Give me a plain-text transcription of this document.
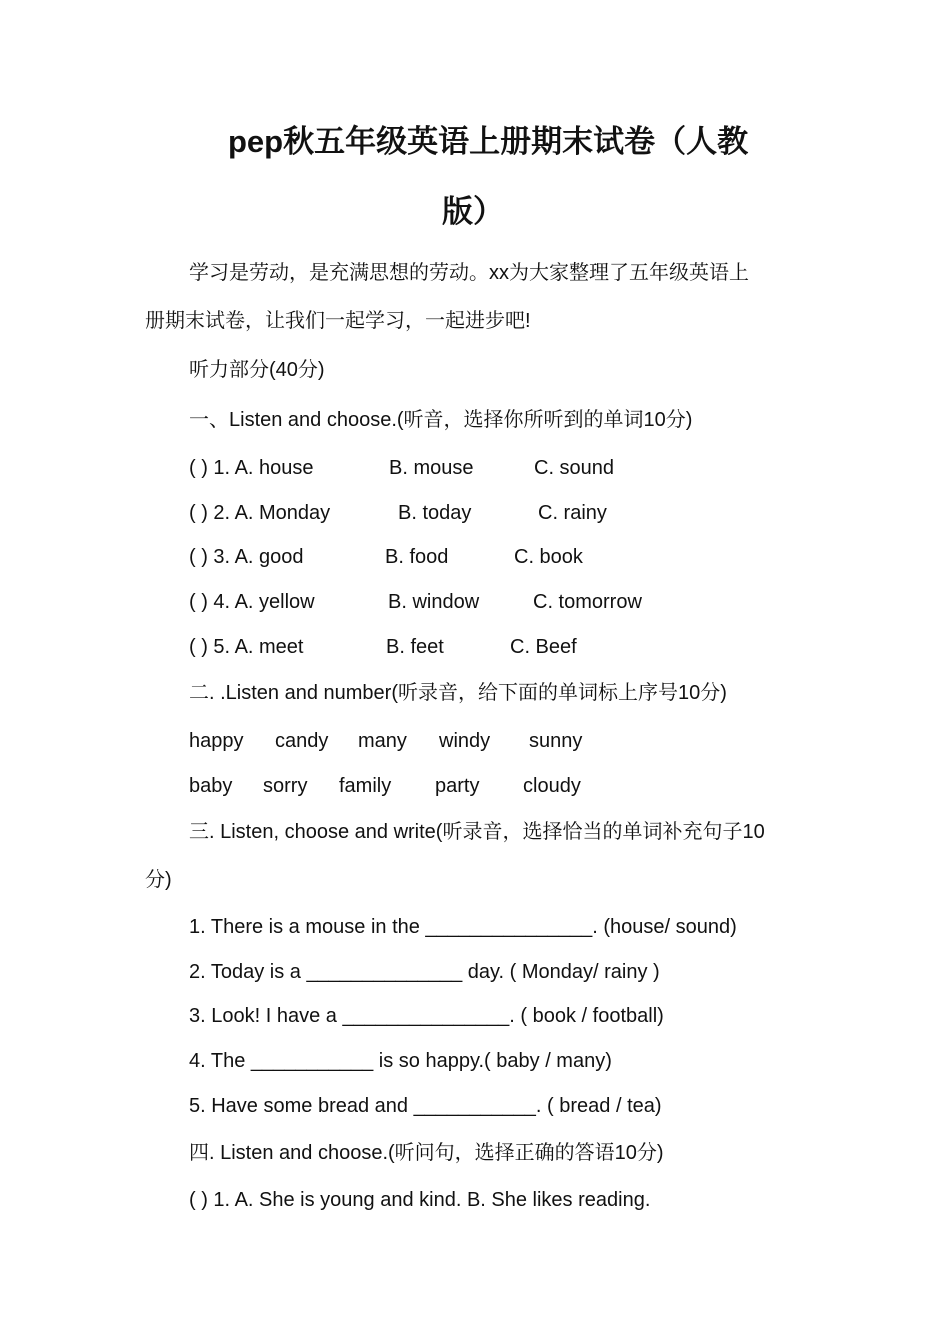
pep秋五年级英语上册期末试卷（人教
版）
学习是劳动，是充满思想的劳动。xx为大家整理了五年级英语上
册期末试卷，让我们一起学习，一起进步吧!
听力部分(40分)
一、Listen and choose.(听音，选择你所听到的单词10分)
( ) 1. A. house	B. mouse	C. sound
( ) 2. A. Monday	B. today	C. rainy
( ) 3. A. good	B. food	C. book
( ) 4. A. yellow	B. window	C. tomorrow
( ) 5. A. meet	B. feet	C. Beef
二. .Listen and number(听录音，给下面的单词标上序号10分)
happy candy many windy sunny
baby sorry family party cloudy
三. Listen, choose and write(听录音，选择恰当的单词补充句子10
分)
1. There is a mouse in the _______________. (house/ sound)
2. Today is a ______________ day. ( Monday/ rainy )
3. Look! I have a _______________. ( book / football)
4. The ___________ is so happy.( baby / many)
5. Have some bread and ___________. ( bread / tea)
四. Listen and choose.(听问句，选择正确的答语10分)
( ) 1. A. She is young and kind. B. She likes reading.
